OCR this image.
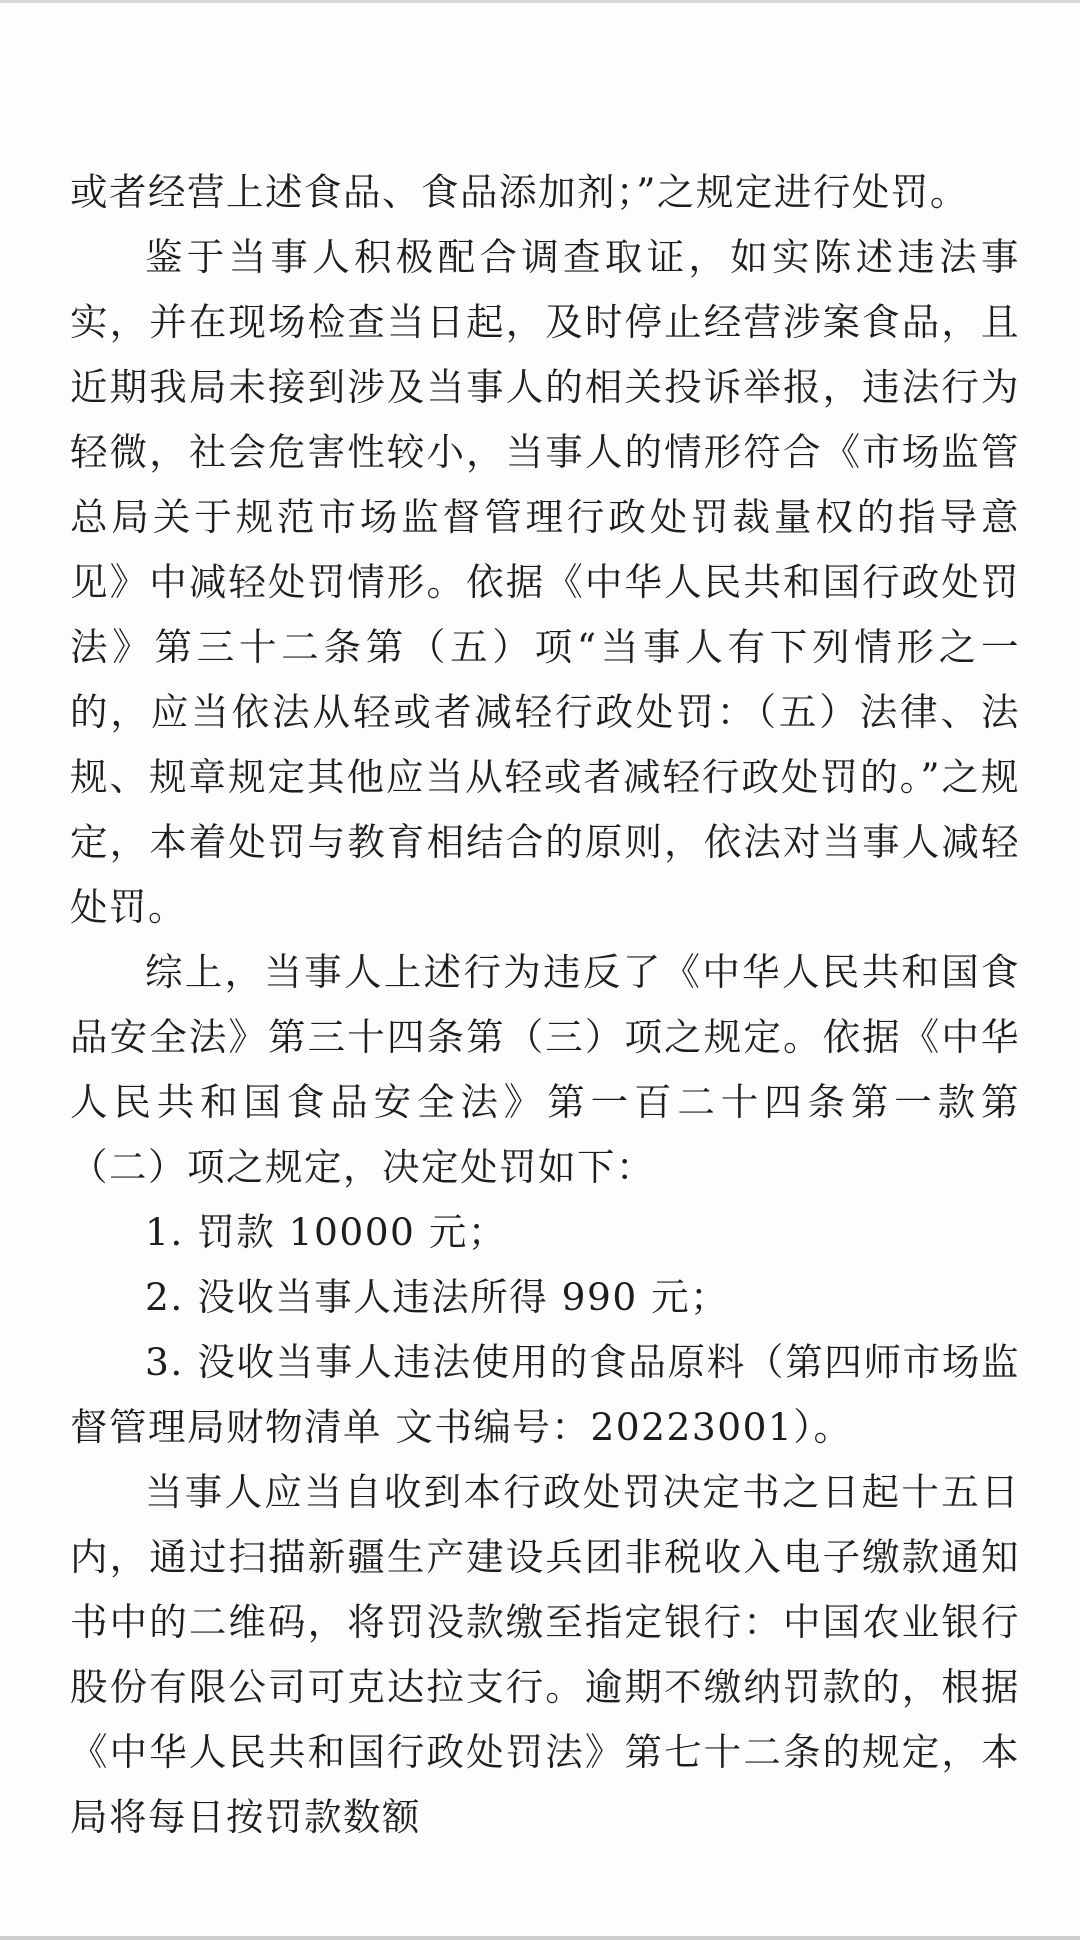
或者经营上述食品、食品添加剂；”之规定进行处罚。

鉴于当事人积极配合调查取证，如实陈述违法事实，并在现场检查当日起，及时停止经营涉案食品，且近期我局未接到涉及当事人的相关投诉举报，违法行为轻微，社会危害性较小，当事人的情形符合《市场监管总局关于规范市场监督管理行政处罚裁量权的指导意见》中减轻处罚情形。依据《中华人民共和国行政处罚法》第三十二条第（五）项“当事人有下列情形之一的，应当依法从轻或者减轻行政处罚：（五）法律、法规、规章规定其他应当从轻或者减轻行政处罚的。”之规定，本着处罚与教育相结合的原则，依法对当事人减轻处罚。

综上，当事人上述行为违反了《中华人民共和国食品安全法》第三十四条第（三）项之规定。依据《中华人民共和国食品安全法》第一百二十四条第一款第（二）项之规定，决定处罚如下：

1. 罚款 10000 元；

2. 没收当事人违法所得 990 元；

3. 没收当事人违法使用的食品原料（第四师市场监督管理局财物清单 文书编号：20223001）。

当事人应当自收到本行政处罚决定书之日起十五日内，通过扫描新疆生产建设兵团非税收入电子缴款通知书中的二维码，将罚没款缴至指定银行：中国农业银行股份有限公司可克达拉支行。逾期不缴纳罚款的，根据《中华人民共和国行政处罚法》第七十二条的规定，本局将每日按罚款数额
